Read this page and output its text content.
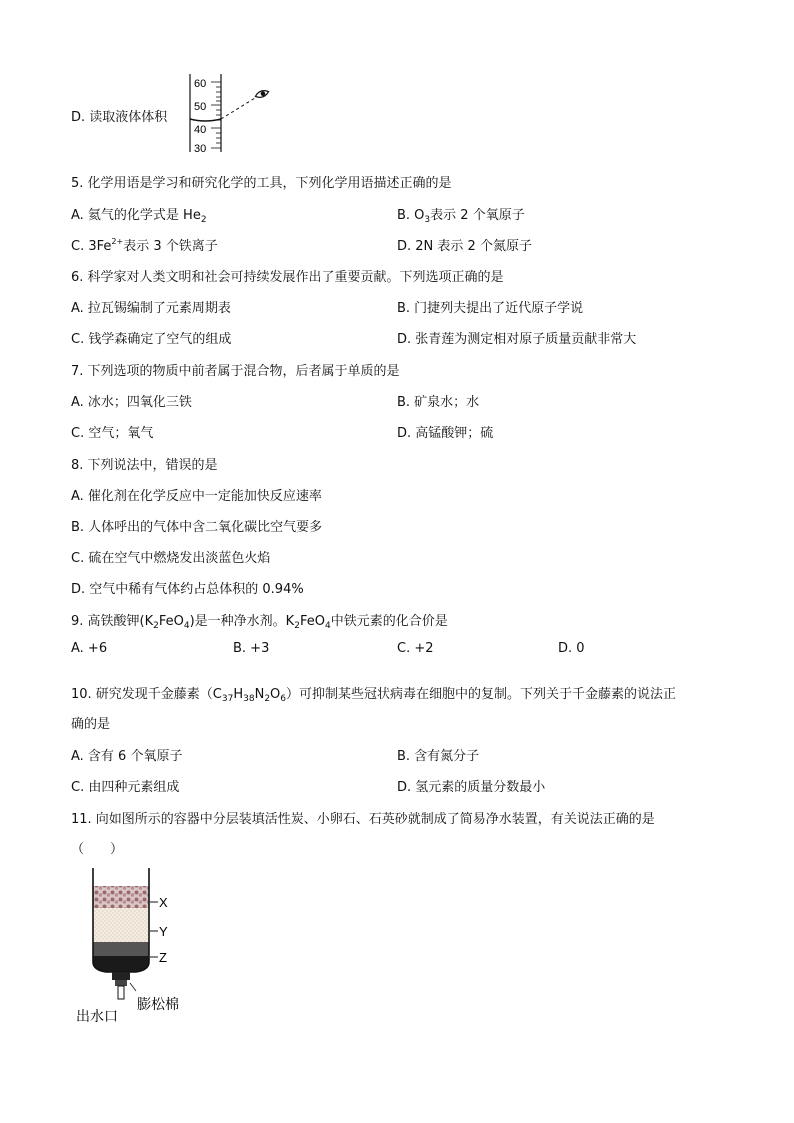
D. 读取液体体积
60
50
40
30
5. 化学用语是学习和研究化学的工具，下列化学用语描述正确的是
A. 氦气的化学式是 $He_2$	B. $O_3$表示 2 个氧原子
C. $3Fe^{2+}$表示 3 个铁离子	D. 2N 表示 2 个氮原子
6. 科学家对人类文明和社会可持续发展作出了重要贡献。下列选项正确的是
A. 拉瓦锡编制了元素周期表	B. 门捷列夫提出了近代原子学说
C. 钱学森确定了空气的组成	D. 张青莲为测定相对原子质量贡献非常大
7. 下列选项的物质中前者属于混合物，后者属于单质的是
A. 冰水；四氧化三铁	B. 矿泉水；水
C. 空气；氧气	D. 高锰酸钾；硫
8. 下列说法中，错误的是
A. 催化剂在化学反应中一定能加快反应速率
B. 人体呼出的气体中含二氧化碳比空气要多
C. 硫在空气中燃烧发出淡蓝色火焰
D. 空气中稀有气体约占总体积的 0.94%
9. 高铁酸钾$(K_2FeO_4)$是一种净水剂。$K_2FeO_4$中铁元素的化合价是
A. +6	B. +3	C. +2	D. 0
10. 研究发现千金藤素$(C_{37}H_{38}N_2O_6)$可抑制某些冠状病毒在细胞中的复制。下列关于千金藤素的说法正
确的是
A. 含有 6 个氧原子	B. 含有氮分子
C. 由四种元素组成	D. 氢元素的质量分数最小
11. 向如图所示的容器中分层装填活性炭、小卵石、石英砂就制成了简易净水装置，有关说法正确的是
（　　）
X
Y
Z
膨松棉
出水口
